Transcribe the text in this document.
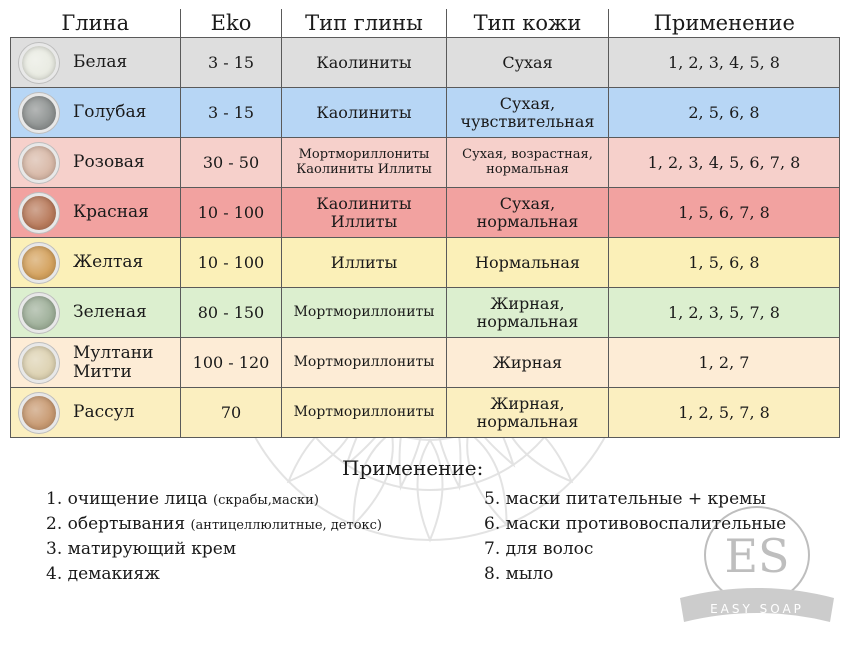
ES
EASY SOAP
Глина	Eko	Тип глины	Тип кожи	Применение

Белая	3 - 15	Каолиниты	Сухая	1, 2, 3, 4, 5, 8

Голубая	3 - 15	Каолиниты	Сухая, чувствительная	2, 5, 6, 8

Розовая	30 - 50	Мортмориллониты Каолиниты Иллиты	Сухая, возрастная, нормальная	1, 2, 3, 4, 5, 6, 7, 8

Красная	10 - 100	Каолиниты Иллиты	Сухая, нормальная	1, 5, 6, 7, 8

Желтая	10 - 100	Иллиты	Нормальная	1, 5, 6, 8

Зеленая	80 - 150	Мортмориллониты	Жирная, нормальная	1, 2, 3, 5, 7, 8

Мултани Митти	100 - 120	Мортмориллониты	Жирная	1, 2, 7

Рассул	70	Мортмориллониты	Жирная, нормальная	1, 2, 5, 7, 8
Применение:
1. очищение лица (скрабы,маски)
2. обертывания (антицеллюлитные, детокс)
3. матирующий крем
4. демакияж
5. маски питательные + кремы
6. маски противовоспалительные
7. для волос
8. мыло
